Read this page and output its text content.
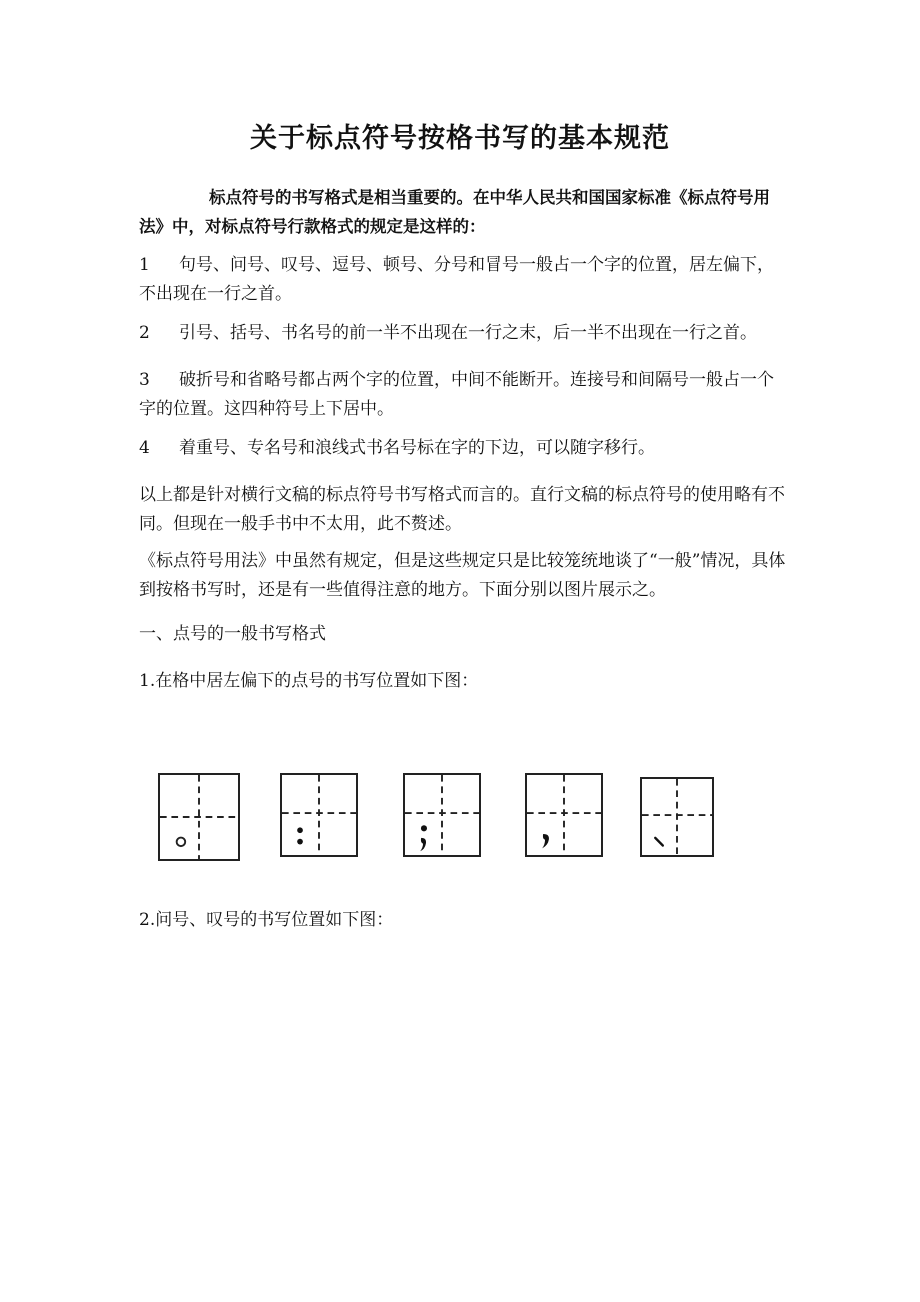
关于标点符号按格书写的基本规范

标点符号的书写格式是相当重要的。在中华人民共和国国家标准《标点符号用法》中，对标点符号行款格式的规定是这样的：

1 句号、问号、叹号、逗号、顿号、分号和冒号一般占一个字的位置，居左偏下，不出现在一行之首。

2 引号、括号、书名号的前一半不出现在一行之末，后一半不出现在一行之首。

3 破折号和省略号都占两个字的位置，中间不能断开。连接号和间隔号一般占一个字的位置。这四种符号上下居中。

4 着重号、专名号和浪线式书名号标在字的下边，可以随字移行。

以上都是针对横行文稿的标点符号书写格式而言的。直行文稿的标点符号的使用略有不同。但现在一般手书中不太用，此不赘述。

《标点符号用法》中虽然有规定，但是这些规定只是比较笼统地谈了“一般”情况，具体到按格书写时，还是有一些值得注意的地方。下面分别以图片展示之。

一、点号的一般书写格式

1.在格中居左偏下的点号的书写位置如下图：

2.问号、叹号的书写位置如下图：
